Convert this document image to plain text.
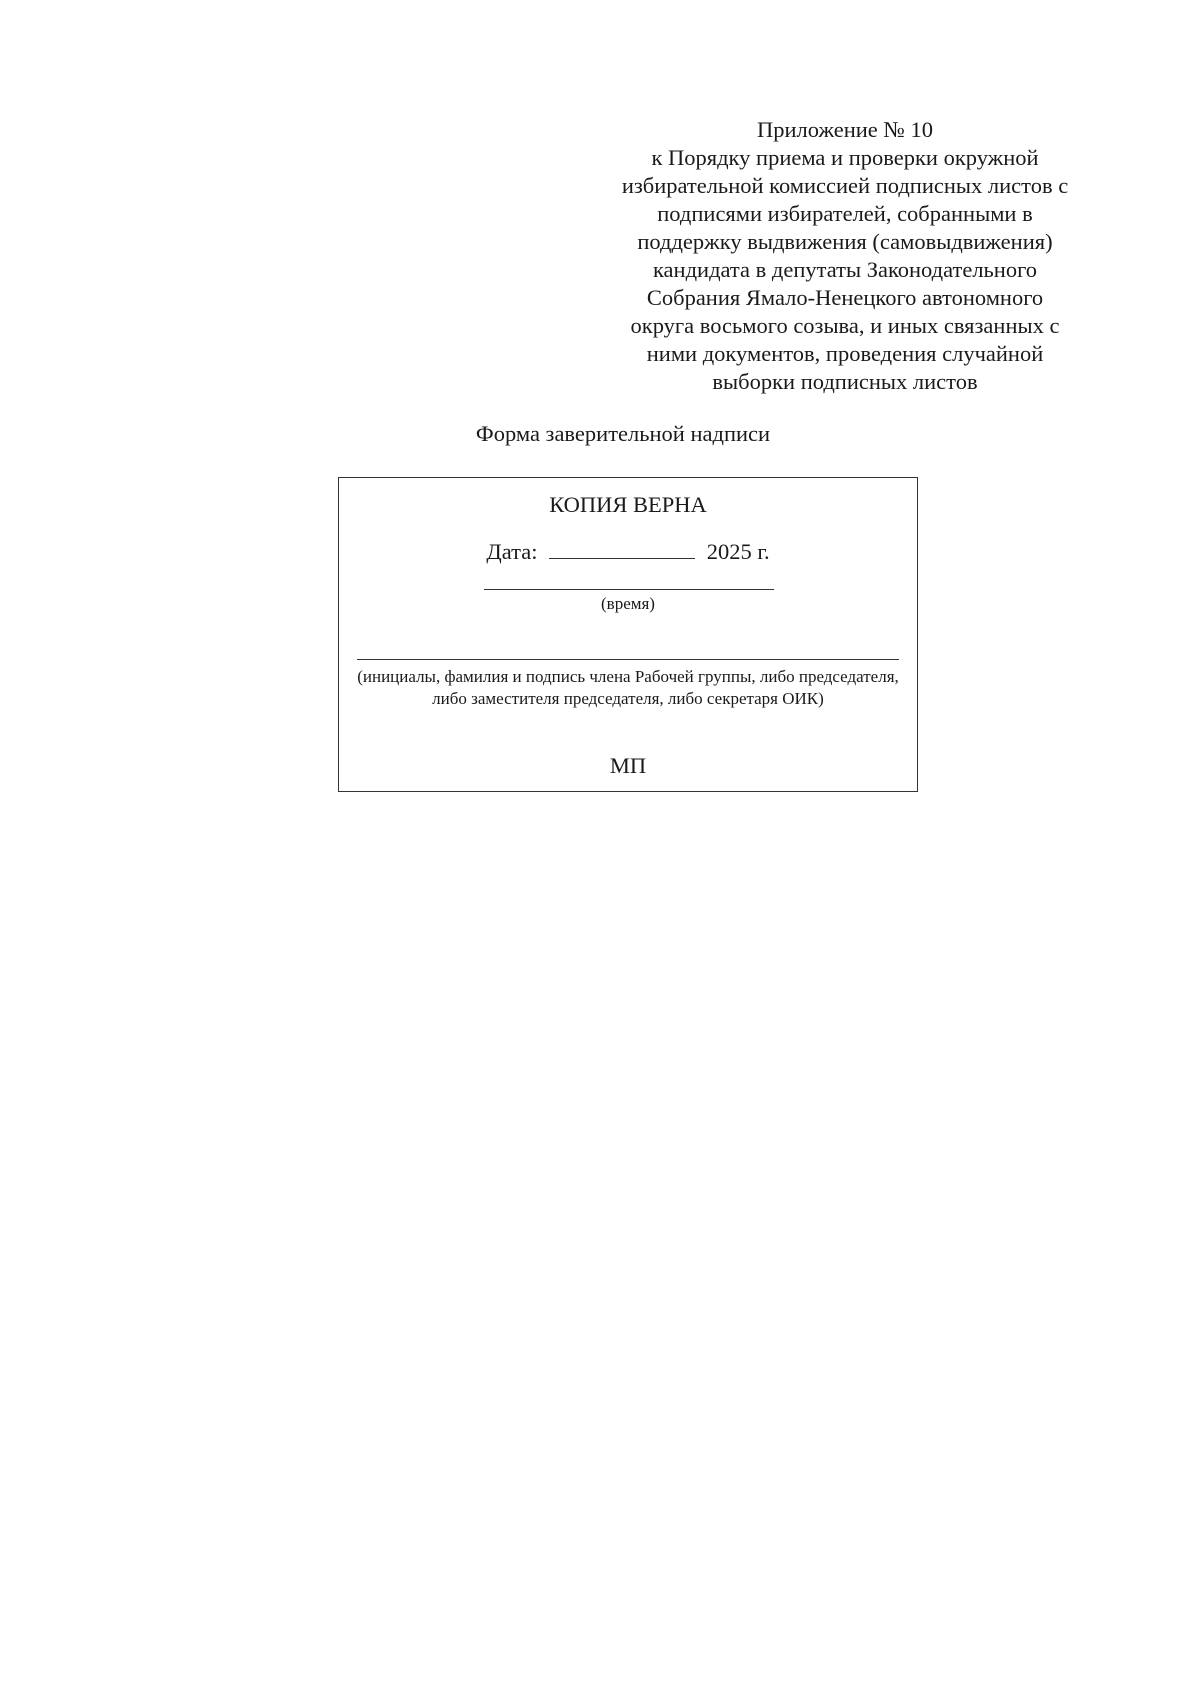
Приложение № 10
к Порядку приема и проверки окружной
избирательной комиссией подписных листов с
подписями избирателей, собранными в
поддержку выдвижения (самовыдвижения)
кандидата в депутаты Законодательного
Собрания Ямало-Ненецкого автономного
округа восьмого созыва, и иных связанных с
ними документов, проведения случайной
выборки подписных листов
Форма заверительной надписи
КОПИЯ ВЕРНА
Дата:	2025 г.
(время)
(инициалы, фамилия и подпись члена Рабочей группы, либо председателя, либо заместителя председателя, либо секретаря ОИК)
МП
